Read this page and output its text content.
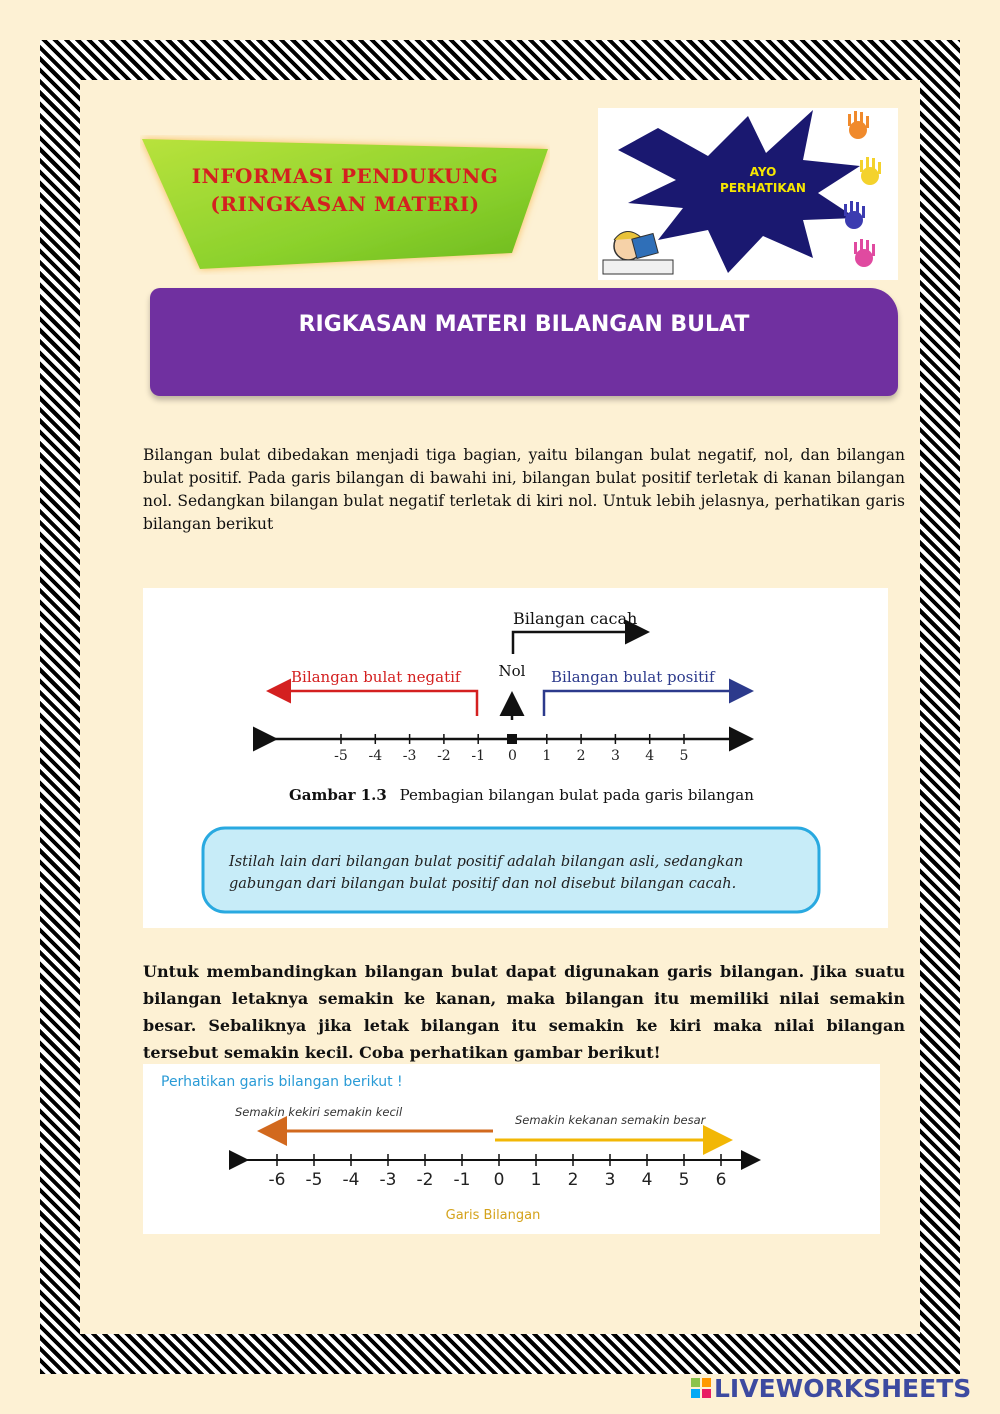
INFORMASI PENDUKUNG
(RINGKASAN MATERI)
AYO
PERHATIKAN
RIGKASAN MATERI BILANGAN BULAT
Bilangan bulat dibedakan menjadi tiga bagian, yaitu bilangan bulat negatif, nol, dan bilangan bulat positif. Pada garis bilangan di bawahi ini, bilangan bulat positif terletak di kanan bilangan nol. Sedangkan bilangan bulat negatif terletak di kiri nol. Untuk lebih jelasnya, perhatikan garis bilangan berikut
Bilangan cacah
Nol
Bilangan bulat negatif	Bilangan bulat positif
-5 -4 -3 -2 -1 0 1 2 3 4 5
Gambar 1.3 Pembagian bilangan bulat pada garis bilangan
Istilah lain dari bilangan bulat positif adalah bilangan asli, sedangkan
gabungan dari bilangan bulat positif dan nol disebut bilangan cacah.
Untuk membandingkan bilangan bulat dapat digunakan garis bilangan. Jika suatu bilangan letaknya semakin ke kanan, maka bilangan itu memiliki nilai semakin besar. Sebaliknya jika letak bilangan itu semakin ke kiri maka nilai bilangan tersebut semakin kecil. Coba perhatikan gambar berikut!
Perhatikan garis bilangan berikut !
Semakin kekiri semakin kecil
Semakin kekanan semakin besar
-6 -5 -4 -3 -2 -1 0 1 2 3 4 5 6
Garis Bilangan
LIVEWORKSHEETS
